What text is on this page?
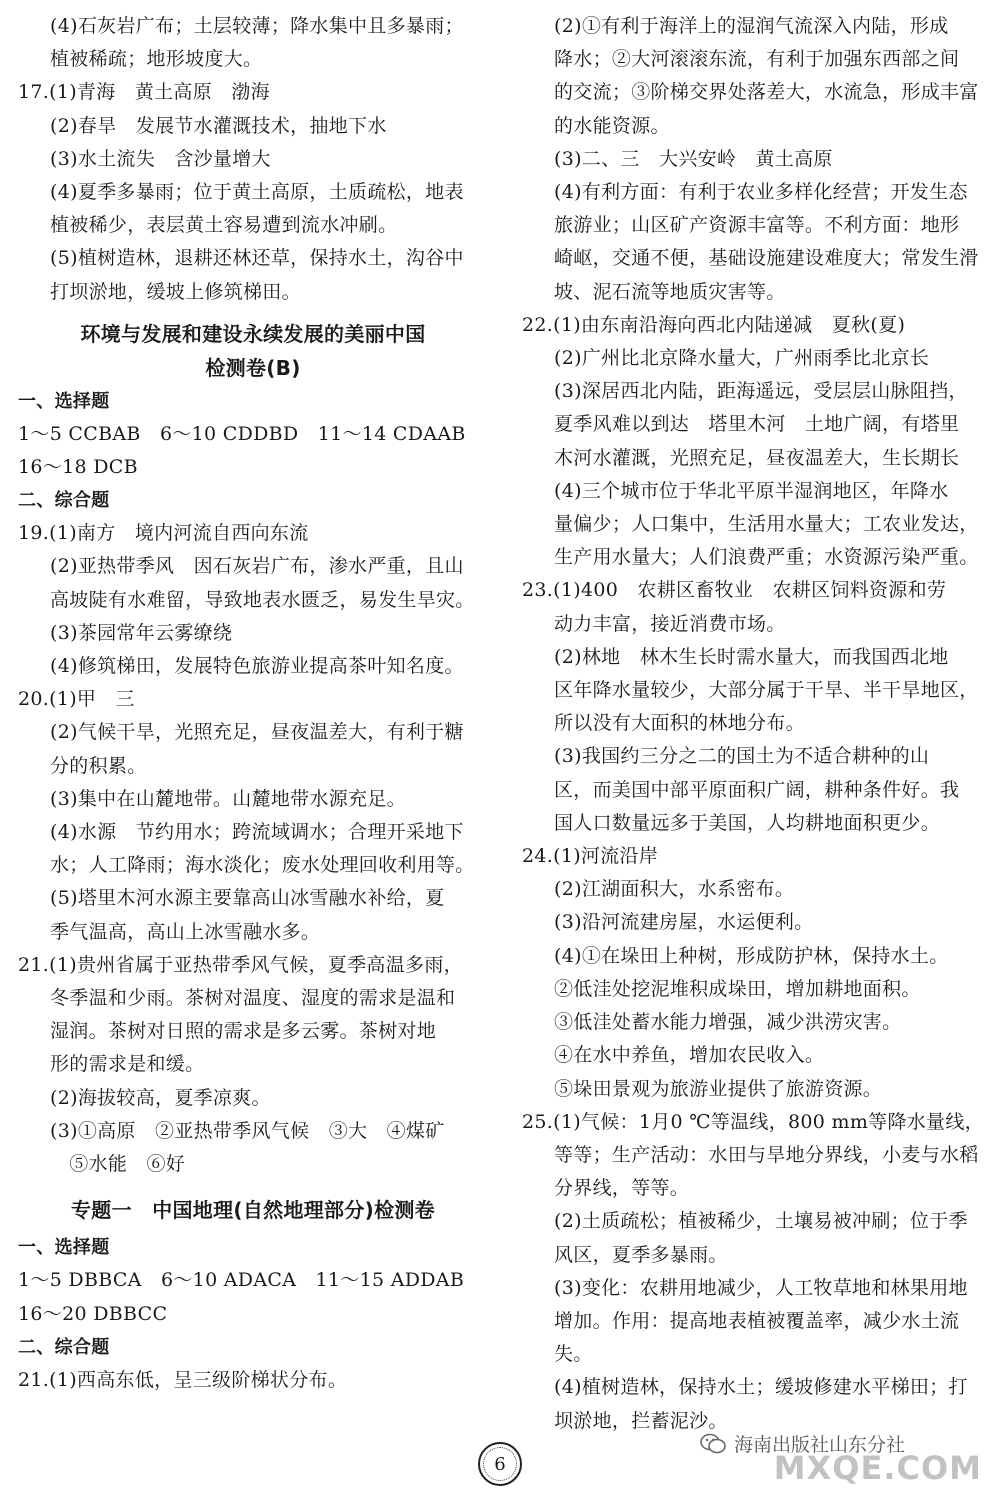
(4)石灰岩广布；土层较薄；降水集中且多暴雨；
植被稀疏；地形坡度大。
17.(1)青海　黄土高原　渤海
(2)春旱　发展节水灌溉技术，抽地下水
(3)水土流失　含沙量增大
(4)夏季多暴雨；位于黄土高原，土质疏松，地表
植被稀少，表层黄土容易遭到流水冲刷。
(5)植树造林，退耕还林还草，保持水土，沟谷中
打坝淤地，缓坡上修筑梯田。
环境与发展和建设永续发展的美丽中国
检测卷(B)
一、选择题
1～5 CCBAB　6～10 CDDBD　11～14 CDAAB
16～18 DCB
二、综合题
19.(1)南方　境内河流自西向东流
(2)亚热带季风　因石灰岩广布，渗水严重，且山
高坡陡有水难留，导致地表水匮乏，易发生旱灾。
(3)茶园常年云雾缭绕
(4)修筑梯田，发展特色旅游业提高茶叶知名度。
20.(1)甲　三
(2)气候干旱，光照充足，昼夜温差大，有利于糖
分的积累。
(3)集中在山麓地带。山麓地带水源充足。
(4)水源　节约用水；跨流域调水；合理开采地下
水；人工降雨；海水淡化；废水处理回收利用等。
(5)塔里木河水源主要靠高山冰雪融水补给，夏
季气温高，高山上冰雪融水多。
21.(1)贵州省属于亚热带季风气候，夏季高温多雨，
冬季温和少雨。茶树对温度、湿度的需求是温和
湿润。茶树对日照的需求是多云雾。茶树对地
形的需求是和缓。
(2)海拔较高，夏季凉爽。
(3)①高原　②亚热带季风气候　③大　④煤矿
　⑤水能　⑥好
专题一　中国地理(自然地理部分)检测卷
一、选择题
1～5 DBBCA　6～10 ADACA　11～15 ADDAB
16～20 DBBCC
二、综合题
21.(1)西高东低，呈三级阶梯状分布。
(2)①有利于海洋上的湿润气流深入内陆，形成
降水；②大河滚滚东流，有利于加强东西部之间
的交流；③阶梯交界处落差大，水流急，形成丰富
的水能资源。
(3)二、三　大兴安岭　黄土高原
(4)有利方面：有利于农业多样化经营；开发生态
旅游业；山区矿产资源丰富等。不利方面：地形
崎岖，交通不便，基础设施建设难度大；常发生滑
坡、泥石流等地质灾害等。
22.(1)由东南沿海向西北内陆递减　夏秋(夏)
(2)广州比北京降水量大，广州雨季比北京长
(3)深居西北内陆，距海遥远，受层层山脉阻挡，
夏季风难以到达　塔里木河　土地广阔，有塔里
木河水灌溉，光照充足，昼夜温差大，生长期长
(4)三个城市位于华北平原半湿润地区，年降水
量偏少；人口集中，生活用水量大；工农业发达，
生产用水量大；人们浪费严重；水资源污染严重。
23.(1)400　农耕区畜牧业　农耕区饲料资源和劳
动力丰富，接近消费市场。
(2)林地　林木生长时需水量大，而我国西北地
区年降水量较少，大部分属于干旱、半干旱地区，
所以没有大面积的林地分布。
(3)我国约三分之二的国土为不适合耕种的山
区，而美国中部平原面积广阔，耕种条件好。我
国人口数量远多于美国，人均耕地面积更少。
24.(1)河流沿岸
(2)江湖面积大，水系密布。
(3)沿河流建房屋，水运便利。
(4)①在垛田上种树，形成防护林，保持水土。
②低洼处挖泥堆积成垛田，增加耕地面积。
③低洼处蓄水能力增强，减少洪涝灾害。
④在水中养鱼，增加农民收入。
⑤垛田景观为旅游业提供了旅游资源。
25.(1)气候：1月0 ℃等温线，800 mm等降水量线，
等等；生产活动：水田与旱地分界线，小麦与水稻
分界线，等等。
(2)土质疏松；植被稀少，土壤易被冲刷；位于季
风区，夏季多暴雨。
(3)变化：农耕用地减少，人工牧草地和林果用地
增加。作用：提高地表植被覆盖率，减少水土流
失。
(4)植树造林，保持水土；缓坡修建水平梯田；打
坝淤地，拦蓄泥沙。
6
海南出版社山东分社
MXQE.COM
